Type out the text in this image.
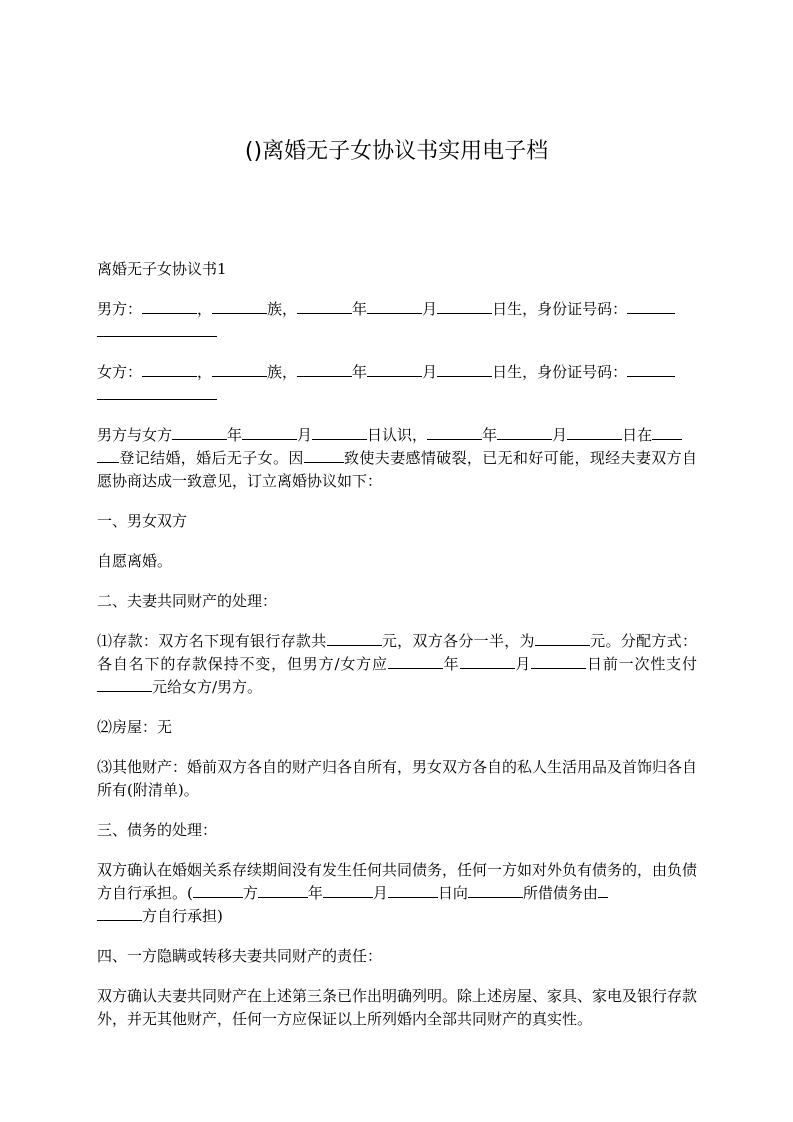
()离婚无子女协议书实用电子档

离婚无子女协议书1

男方：	，	族，	年	月	日生，身份证号码：

女方：	，	族，	年	月	日生，身份证号码：

男方与女方	年	月	日认识，	年	月	日在
登记结婚，婚后无子女。因	致使夫妻感情破裂，已无和好可能，现经夫妻双方自愿协商达成一致意见，订立离婚协议如下：

一、男女双方

自愿离婚。

二、夫妻共同财产的处理：

⑴存款：双方名下现有银行存款共	元，双方各分一半，为	元。分配方式：各自名下的存款保持不变，但男方/女方应	年	月	日前一次性支付元给女方/男方。

⑵房屋：无

⑶其他财产：婚前双方各自的财产归各自所有，男女双方各自的私人生活用品及首饰归各自所有(附清单)。

三、债务的处理：

双方确认在婚姻关系存续期间没有发生任何共同债务，任何一方如对外负有债务的，由负债方自行承担。(	方	年	月	日向	所借债务由
方自行承担)

四、一方隐瞒或转移夫妻共同财产的责任：

双方确认夫妻共同财产在上述第三条已作出明确列明。除上述房屋、家具、家电及银行存款外，并无其他财产，任何一方应保证以上所列婚内全部共同财产的真实性。
